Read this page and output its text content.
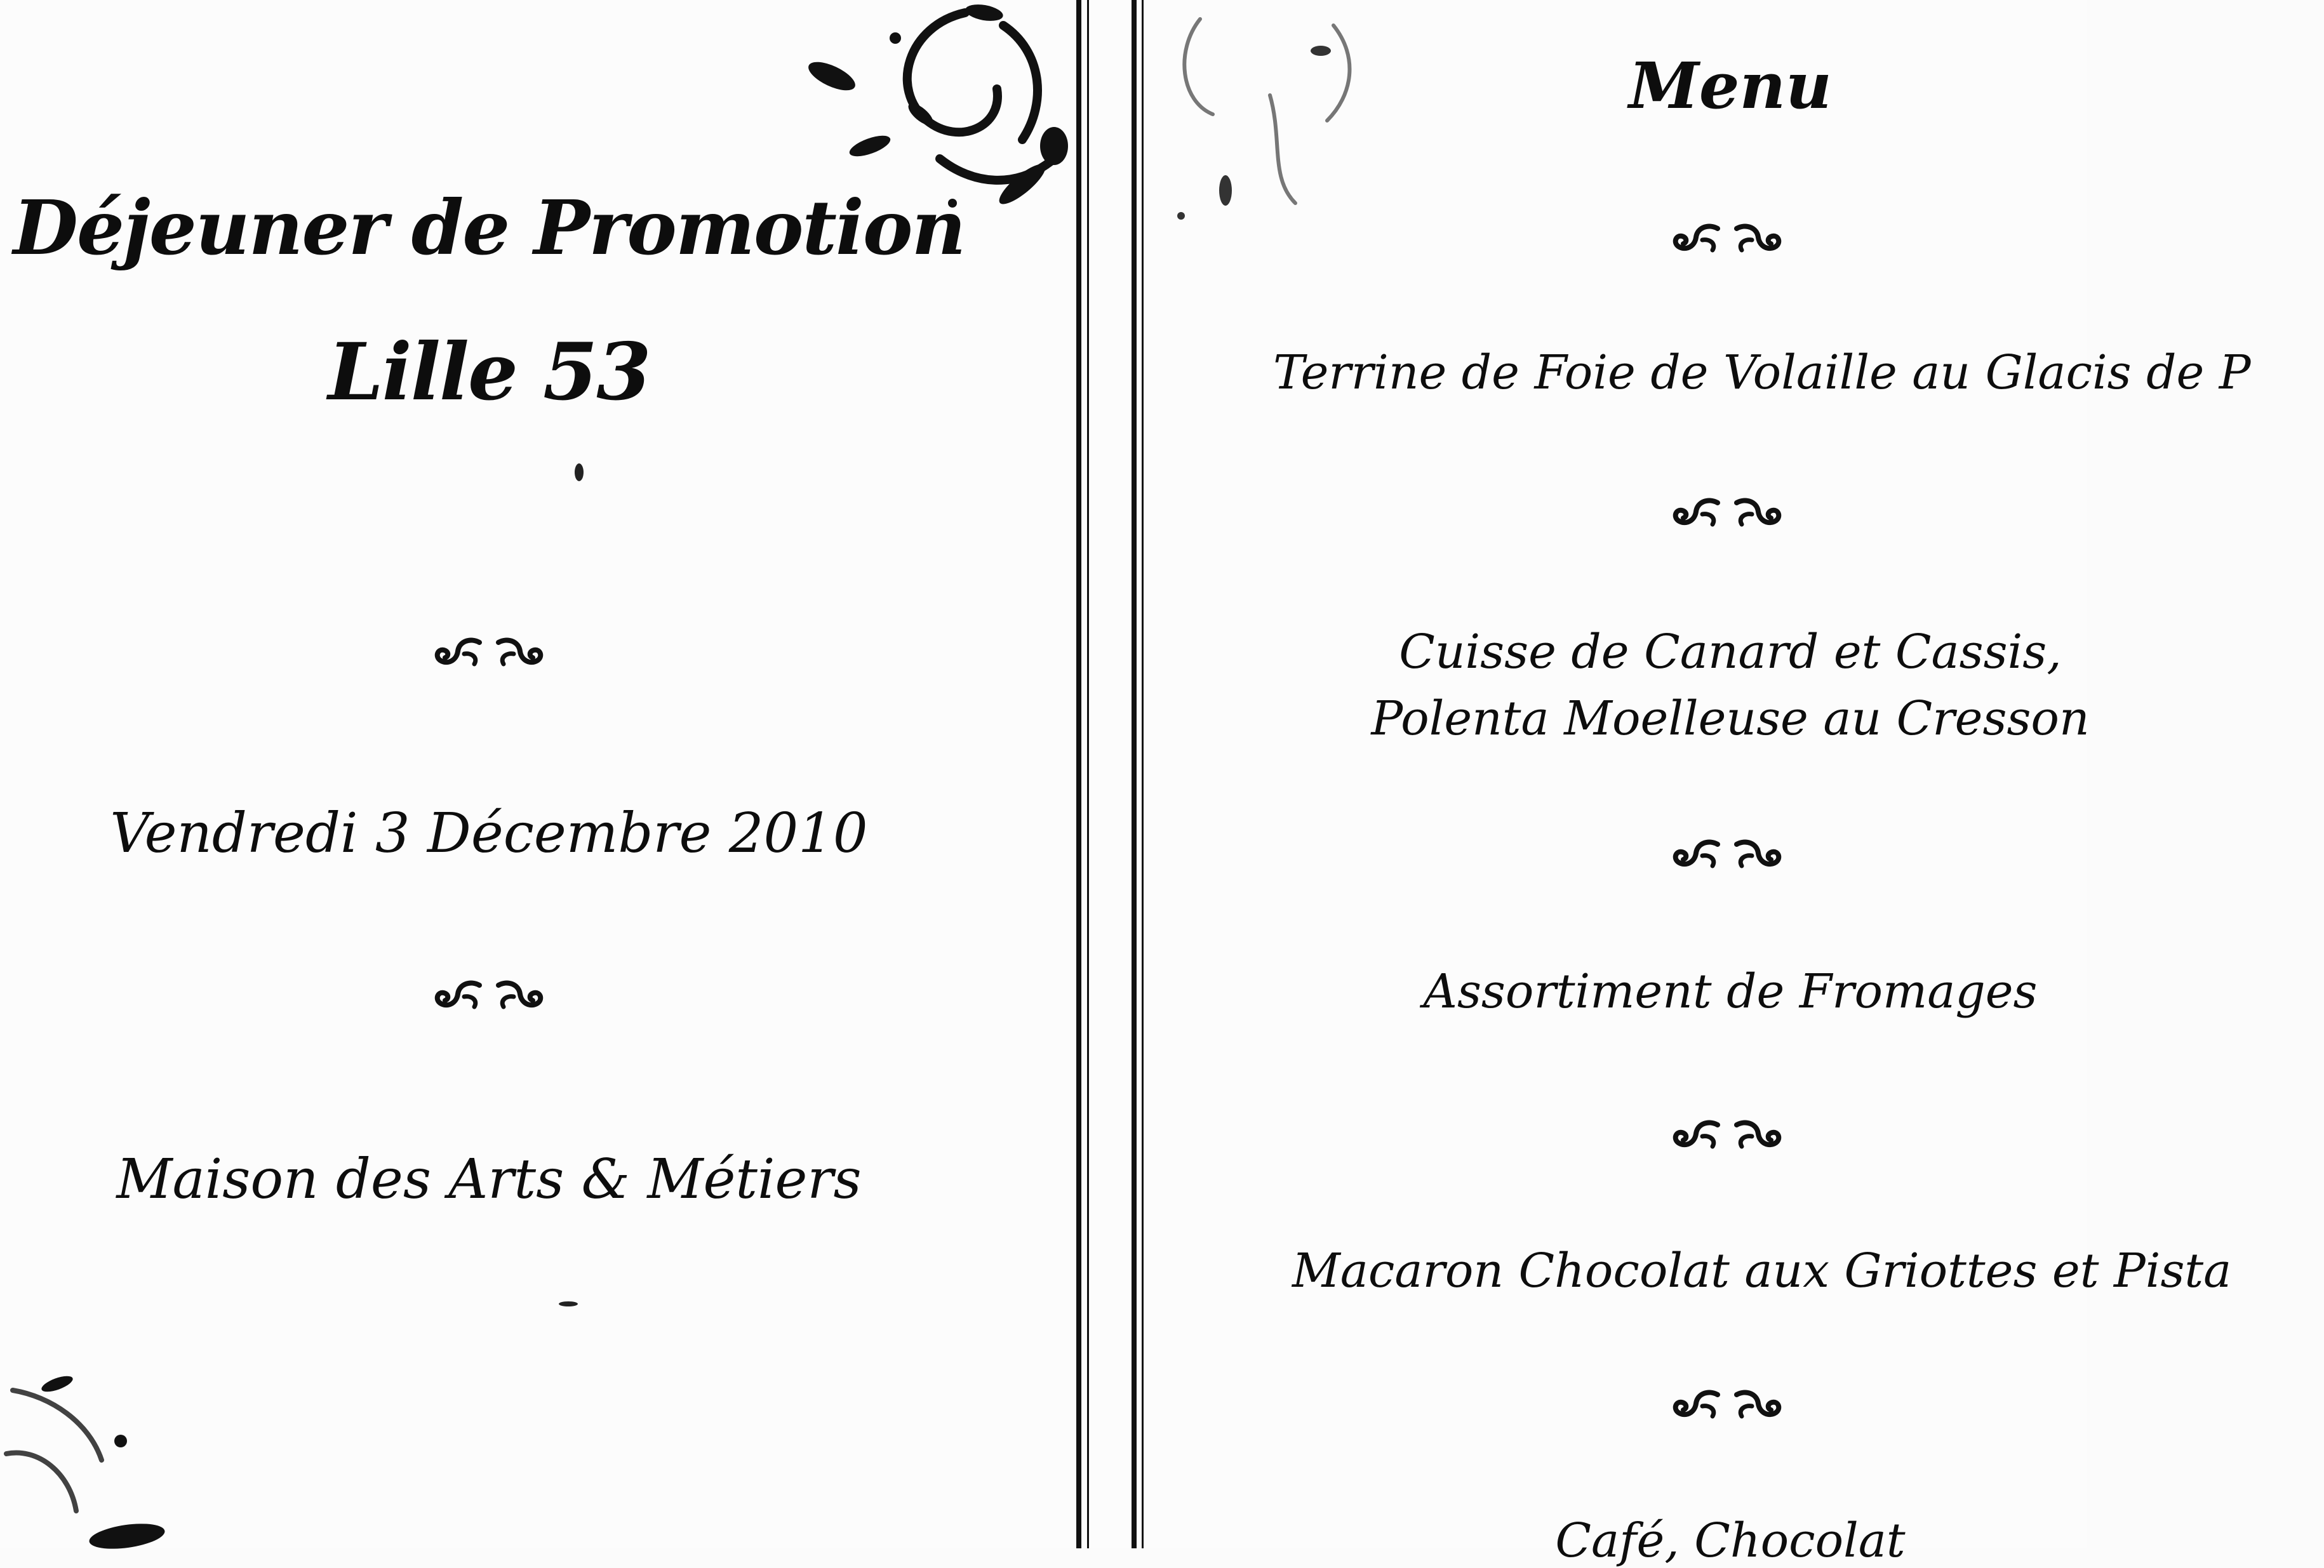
Déjeuner de Promotion
Lille 53
Vendredi 3 Décembre 2010
Maison des Arts & Métiers
Menu
Terrine de Foie de Volaille au Glacis de P
Cuisse de Canard et Cassis,
Polenta Moelleuse au Cresson
Assortiment de Fromages
Macaron Chocolat aux Griottes et Pista
Café, Chocolat
